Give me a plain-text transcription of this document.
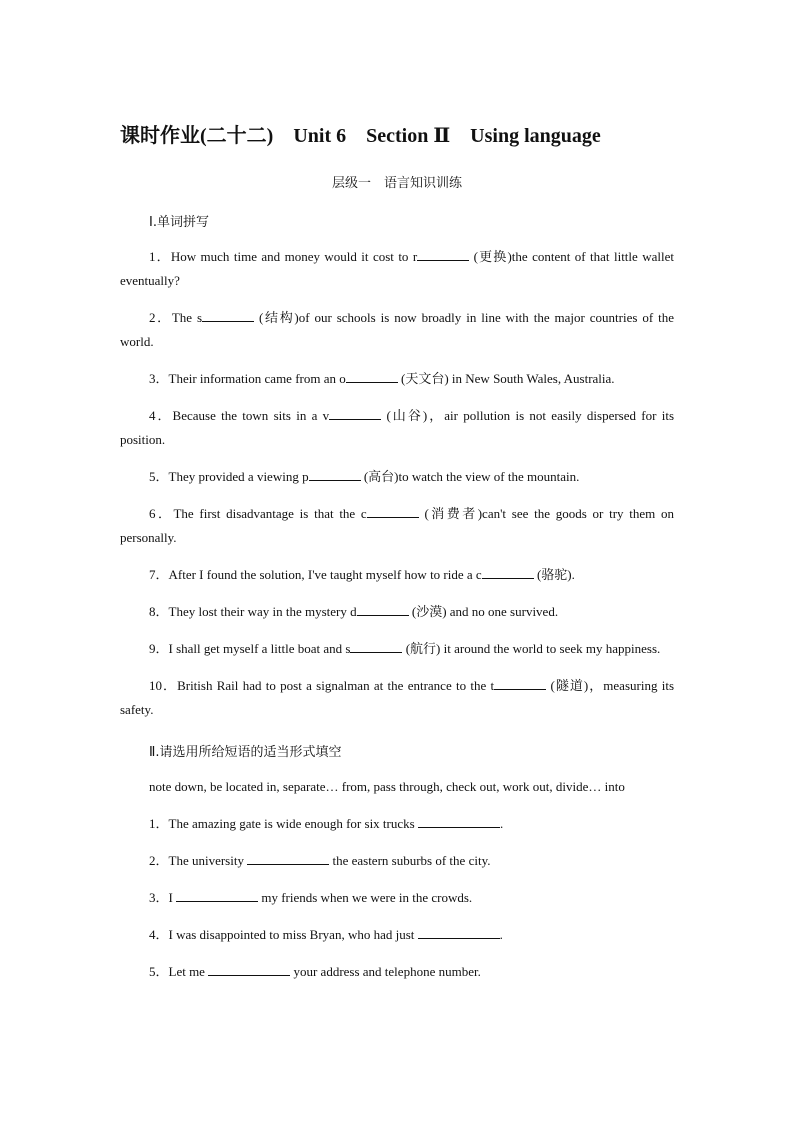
课时作业(二十二)　Unit 6　Section Ⅱ　Using language
层级一　语言知识训练
Ⅰ.单词拼写
1．How much time and money would it cost to r	(更换)the content of that little wallet eventually?
2．The s	(结构)of our schools is now broadly in line with the major countries of the world.
3．Their information came from an o	(天文台) in New South Wales, Australia.
4．Because the town sits in a v	(山谷)，air pollution is not easily dispersed for its position.
5．They provided a viewing p	(高台)to watch the view of the mountain.
6．The first disadvantage is that the c	(消费者)can't see the goods or try them on personally.
7．After I found the solution, I've taught myself how to ride a c	(骆驼).
8．They lost their way in the mystery d	(沙漠) and no one survived.
9．I shall get myself a little boat and s	(航行) it around the world to seek my happiness.
10．British Rail had to post a signalman at the entrance to the t	(隧道)，measuring its safety.
Ⅱ.请选用所给短语的适当形式填空
note down, be located in, separate… from, pass through, check out, work out, divide… into
1．The amazing gate is wide enough for six trucks	.
2．The university	the eastern suburbs of the city.
3．I	my friends when we were in the crowds.
4．I was disappointed to miss Bryan, who had just	.
5．Let me	your address and telephone number.
